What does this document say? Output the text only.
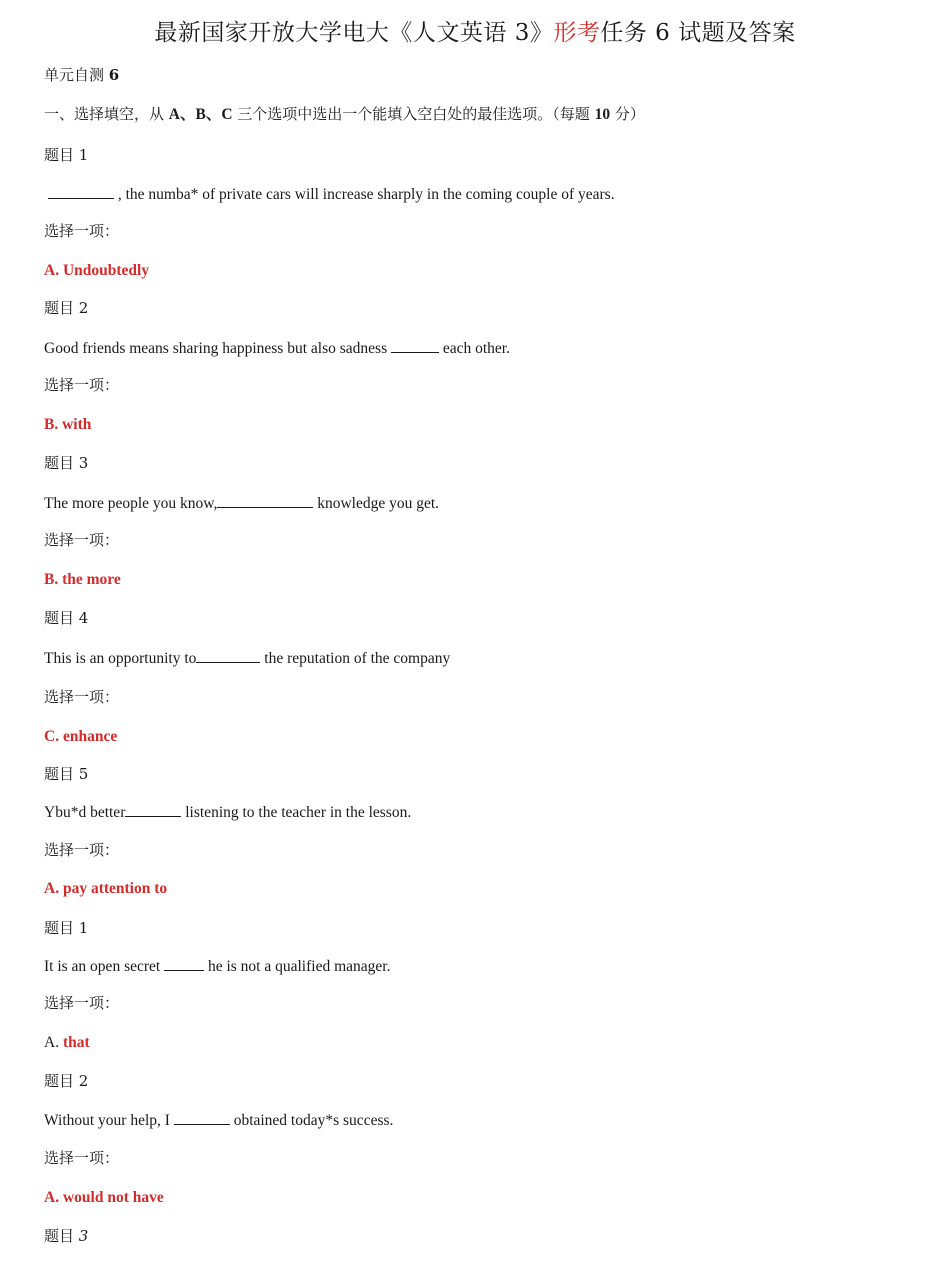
最新国家开放大学电大《人文英语 3》形考任务 6 试题及答案
单元自测 6
一、选择填空，从 A、B、C 三个选项中选出一个能填入空白处的最佳选项。（每题 10 分）
题目 1
, the numba* of private cars will increase sharply in the coming couple of years.
选择一项：
A. Undoubtedly
题目 2
Good friends means sharing happiness but also sadness	each other.
选择一项：
B. with
题目 3
The more people you know,	knowledge you get.
选择一项：
B. the more
题目 4
This is an opportunity to	the reputation of the company
选择一项：
C. enhance
题目 5
Ybu*d better	listening to the teacher in the lesson.
选择一项：
A. pay attention to
题目 1
It is an open secret	he is not a qualified manager.
选择一项：
A. that
题目 2
Without your help, I	obtained today*s success.
选择一项：
A. would not have
题目 3
